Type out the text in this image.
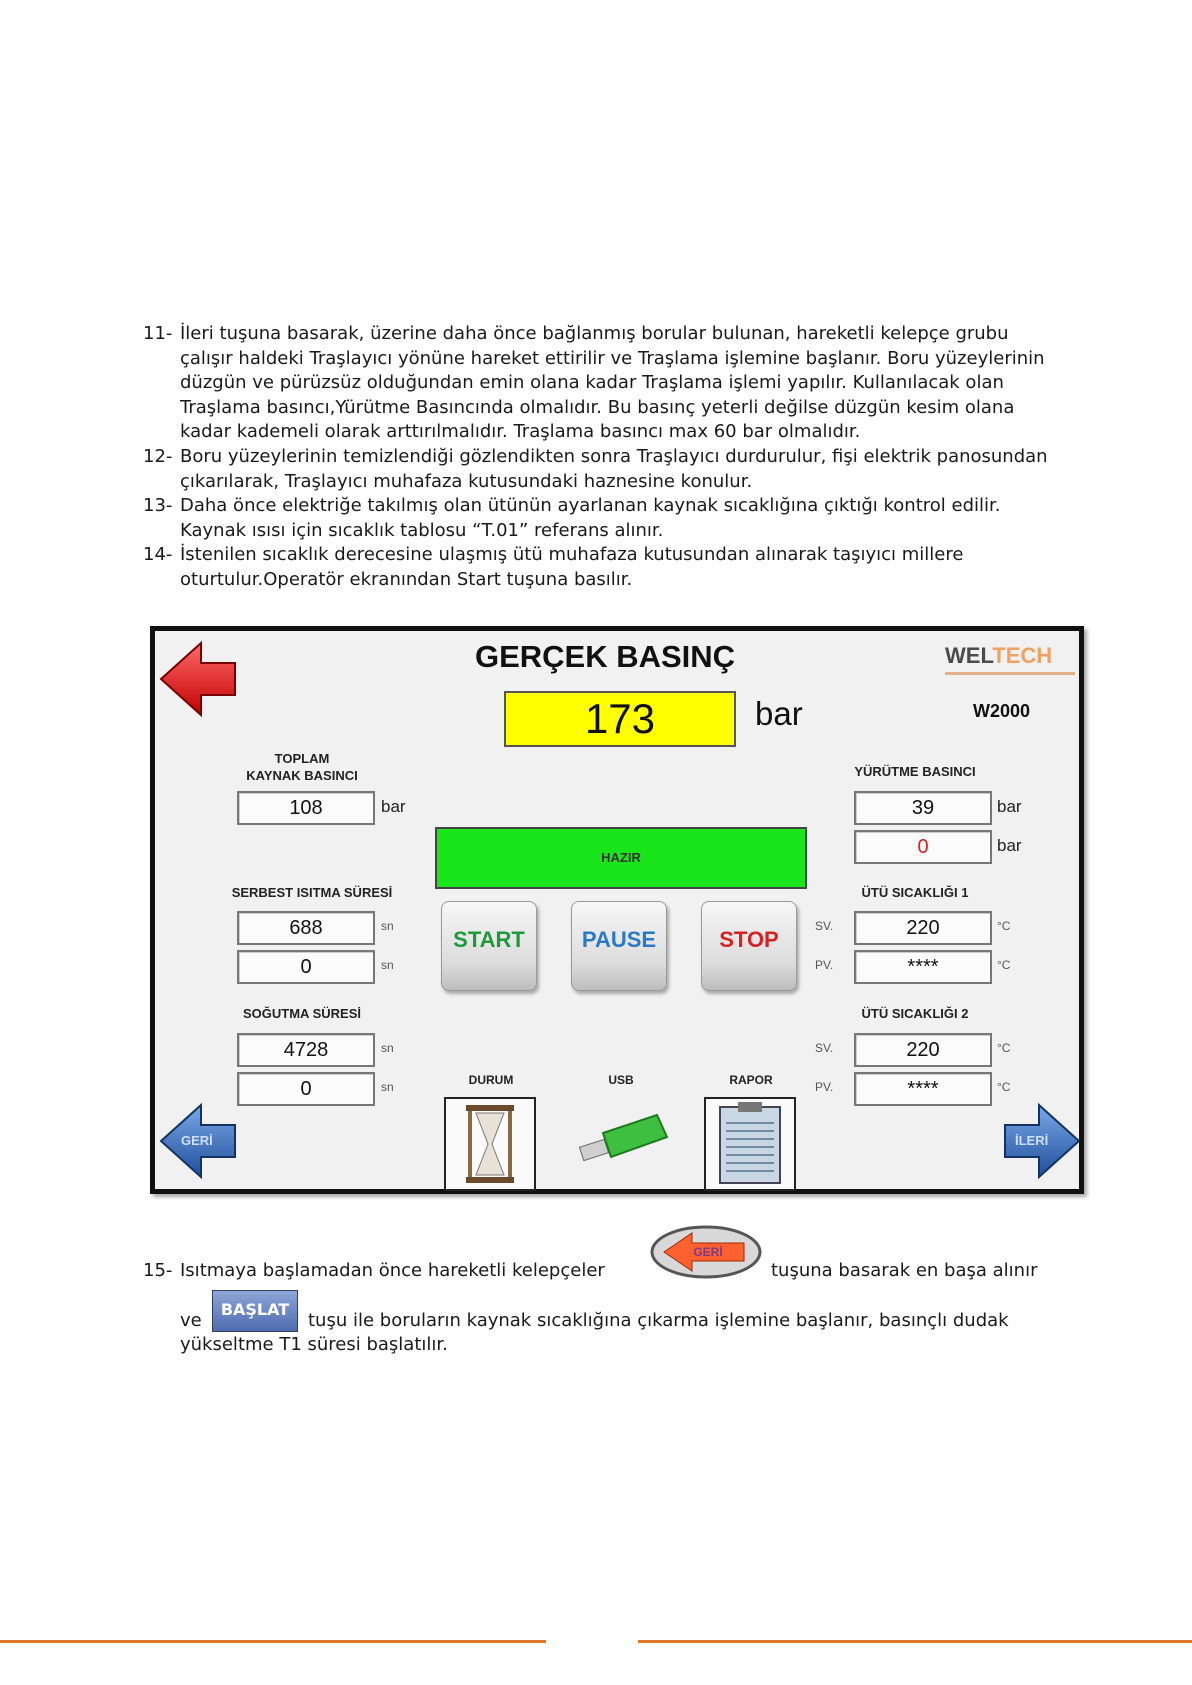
11- İleri tuşuna basarak, üzerine daha önce bağlanmış borular bulunan, hareketli kelepçe grubu

çalışır haldeki Traşlayıcı yönüne hareket ettirilir ve Traşlama işlemine başlanır. Boru yüzeylerinin

düzgün ve pürüzsüz olduğundan emin olana kadar Traşlama işlemi yapılır. Kullanılacak olan

Traşlama basıncı,Yürütme Basıncında olmalıdır. Bu basınç yeterli değilse düzgün kesim olana

kadar kademeli olarak arttırılmalıdır. Traşlama basıncı max 60 bar olmalıdır.

12- Boru yüzeylerinin temizlendiği gözlendikten sonra Traşlayıcı durdurulur, fişi elektrik panosundan

çıkarılarak, Traşlayıcı muhafaza kutusundaki haznesine konulur.

13- Daha önce elektriğe takılmış olan ütünün ayarlanan kaynak sıcaklığına çıktığı kontrol edilir.

Kaynak ısısı için sıcaklık tablosu “T.01” referans alınır.

14- İstenilen sıcaklık derecesine ulaşmış ütü muhafaza kutusundan alınarak taşıyıcı millere

oturtulur.Operatör ekranından Start tuşuna basılır.

GERÇEK BASINÇ
173	bar
WELTECH
W2000
TOPLAM
KAYNAK BASINCI
108	bar
SERBEST ISITMA SÜRESİ
688	sn
0	sn
SOĞUTMA SÜRESİ
4728	sn
0	sn
HAZIR
START	PAUSE	STOP
YÜRÜTME BASINCI
39	bar
0	bar
ÜTÜ SICAKLIĞI 1
SV.	220	°C
PV.	****	°C
ÜTÜ SICAKLIĞI 2
SV.	220	°C
PV.	****	°C
DURUM	USB	RAPOR
GERİ	İLERİ
15- Isıtmaya başlamadan önce hareketli kelepçeler	tuşuna basarak en başa alınır
ve	tuşu ile boruların kaynak sıcaklığına çıkarma işlemine başlanır, basınçlı dudak
yükseltme T1 süresi başlatılır.
GERİ
BAŞLAT
